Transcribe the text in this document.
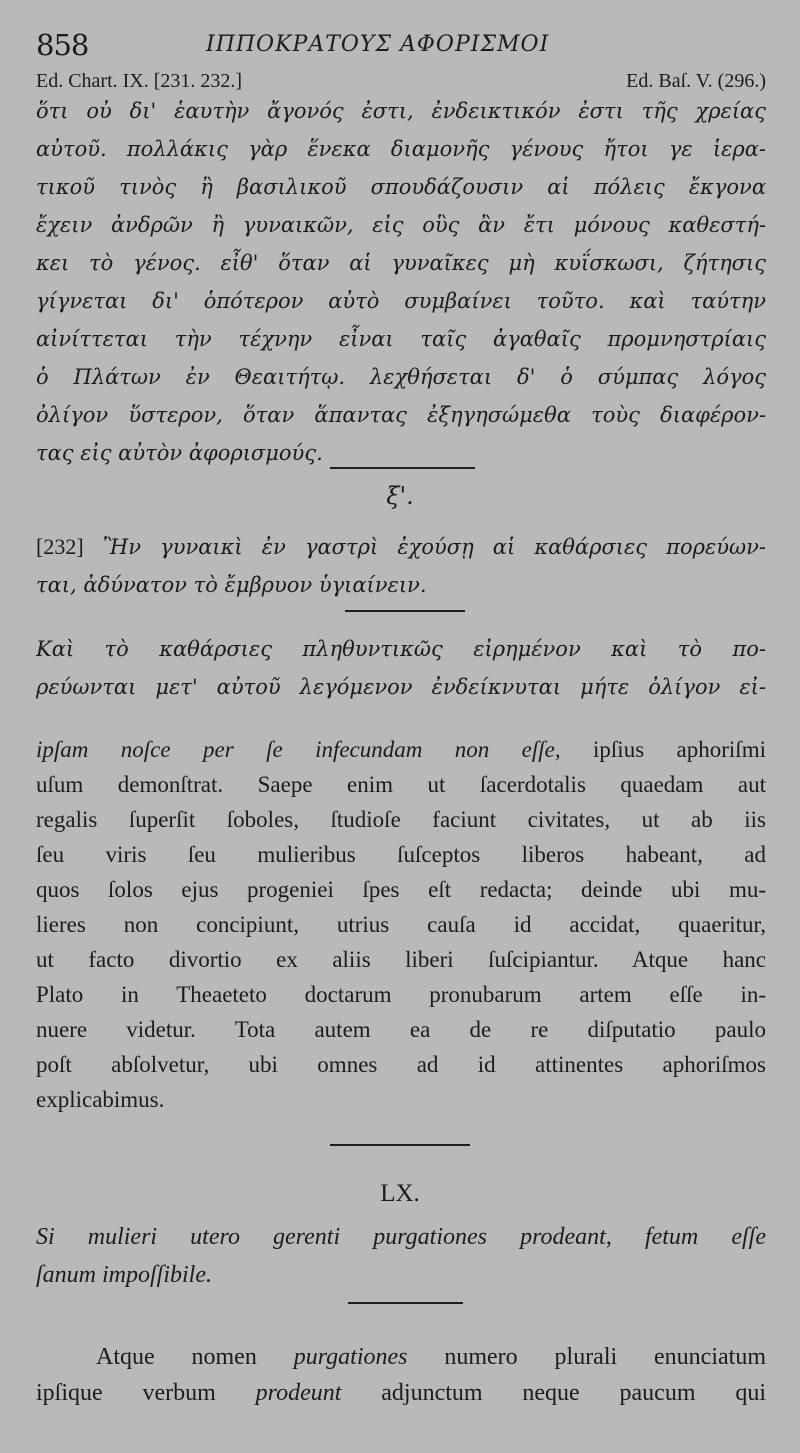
858	ΙΠΠΟΚΡΑΤΟΥΣ ΑΦΟΡΙΣΜΟΙ
Ed. Chart. IX. [231. 232.]	Ed. Baſ. V. (296.)
ὅτι οὐ δι' ἑαυτὴν ἄγονός ἐστι, ἐνδεικτικόν ἐστι τῆς χρείας
αὐτοῦ. πολλάκις γὰρ ἕνεκα διαμονῆς γένους ἤτοι γε ἱερα-
τικοῦ τινὸς ἢ βασιλικοῦ σπουδάζουσιν αἱ πόλεις ἔκγονα
ἔχειν ἀνδρῶν ἢ γυναικῶν, εἰς οὓς ἂν ἔτι μόνους καθεστή-
κει τὸ γένος. εἶθ' ὅταν αἱ γυναῖκες μὴ κυΐσκωσι, ζήτησις
γίγνεται δι' ὁπότερον αὐτὸ συμβαίνει τοῦτο. καὶ ταύτην
αἰνίττεται τὴν τέχνην εἶναι ταῖς ἀγαθαῖς προμνηστρίαις
ὁ Πλάτων ἐν Θεαιτήτῳ. λεχθήσεται δ' ὁ σύμπας λόγος
ὀλίγον ὕστερον, ὅταν ἅπαντας ἐξηγησώμεθα τοὺς διαφέρον-
τας εἰς αὐτὸν ἀφορισμούς.
ξ'.
[232] Ἢν γυναικὶ ἐν γαστρὶ ἐχούσῃ αἱ καθάρσιες πορεύων-
ται, ἀδύνατον τὸ ἔμβρυον ὑγιαίνειν.
Καὶ τὸ καθάρσιες πληθυντικῶς εἰρημένον καὶ τὸ πο-
ρεύωνται μετ' αὐτοῦ λεγόμενον ἐνδείκνυται μήτε ὀλίγον εἰ-
ipſam noſce per ſe infecundam non eſſe, ipſius aphoriſmi
uſum demonſtrat. Saepe enim ut ſacerdotalis quaedam aut
regalis ſuperſit ſoboles, ſtudioſe faciunt civitates, ut ab iis
ſeu viris ſeu mulieribus ſuſceptos liberos habeant, ad
quos ſolos ejus progeniei ſpes eſt redacta; deinde ubi mu-
lieres non concipiunt, utrius cauſa id accidat, quaeritur,
ut facto divortio ex aliis liberi ſuſcipiantur. Atque hanc
Plato in Theaeteto doctarum pronubarum artem eſſe in-
nuere videtur. Tota autem ea de re diſputatio paulo
poſt abſolvetur, ubi omnes ad id attinentes aphoriſmos
explicabimus.
LX.
Si mulieri utero gerenti purgationes prodeant, fetum eſſe
ſanum impoſſibile.
Atque nomen purgationes numero plurali enunciatum
ipſique verbum prodeunt adjunctum neque paucum qui
